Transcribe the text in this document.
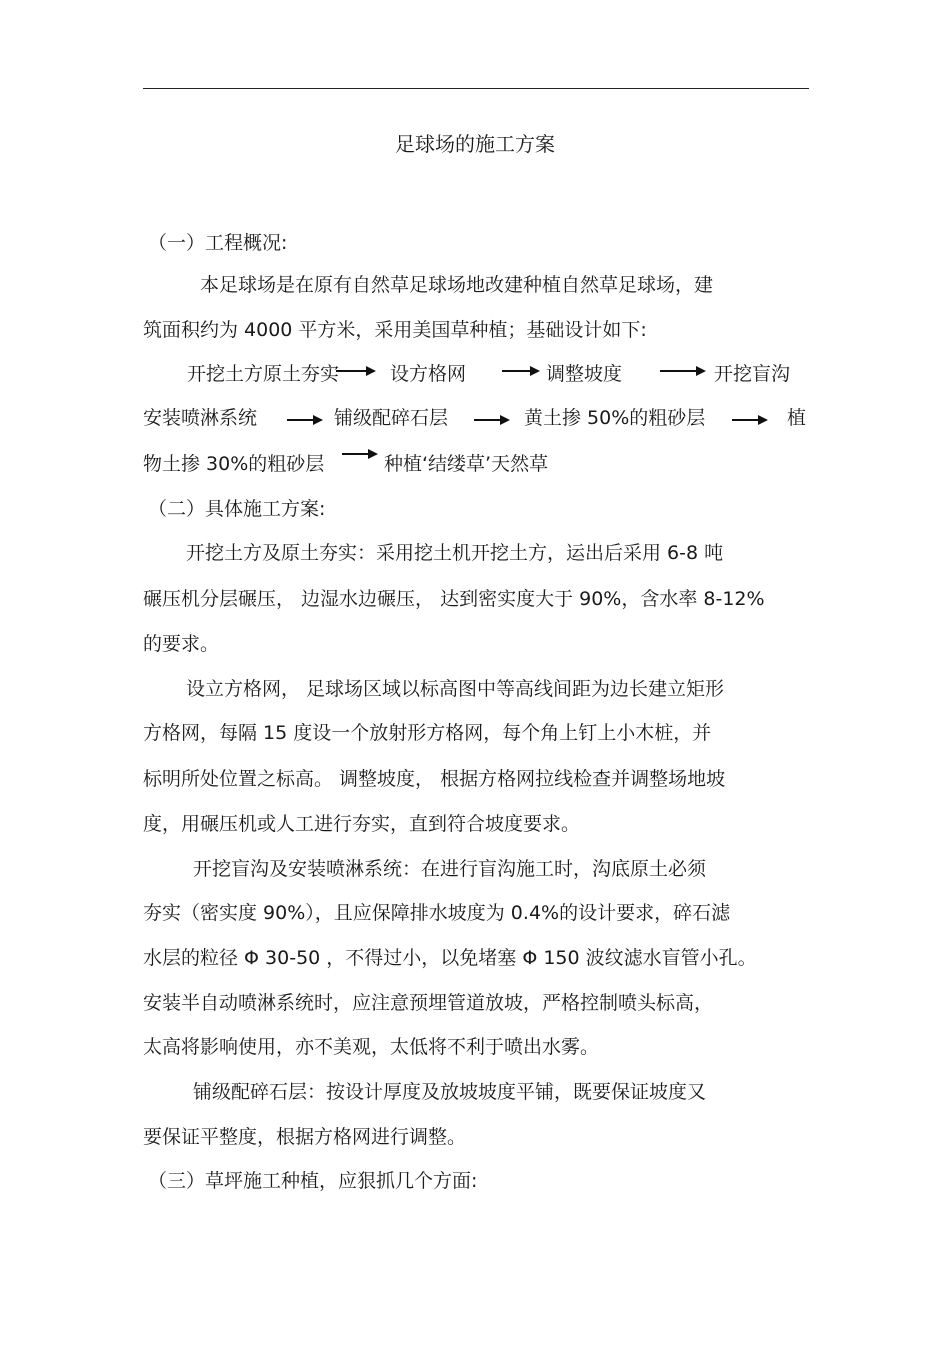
足球场的施工方案
（一）工程概况:
本足球场是在原有自然草足球场地改建种植自然草足球场，建
筑面积约为 4000 平方米，采用美国草种植；基础设计如下:
开挖土方原土夯实	设方格网	调整坡度	开挖盲沟
安装喷淋系统	铺级配碎石层	黄土掺 50%的粗砂层	植
物土掺 30%的粗砂层	种植‘结缕草’天然草
（二）具体施工方案:
开挖土方及原土夯实：采用挖土机开挖土方，运出后采用 6-8 吨
碾压机分层碾压， 边湿水边碾压， 达到密实度大于 90%，含水率 8-12%
的要求。
设立方格网， 足球场区域以标高图中等高线间距为边长建立矩形
方格网，每隔 15 度设一个放射形方格网，每个角上钉上小木桩，并
标明所处位置之标高。 调整坡度， 根据方格网拉线检查并调整场地坡
度，用碾压机或人工进行夯实，直到符合坡度要求。
开挖盲沟及安装喷淋系统：在进行盲沟施工时，沟底原土必须
夯实（密实度 90%），且应保障排水坡度为 0.4%的设计要求，碎石滤
水层的粒径 Φ 30-50 ，不得过小，以免堵塞 Φ 150 波纹滤水盲管小孔。
安装半自动喷淋系统时，应注意预埋管道放坡，严格控制喷头标高，
太高将影响使用，亦不美观，太低将不利于喷出水雾。
铺级配碎石层：按设计厚度及放坡坡度平铺，既要保证坡度又
要保证平整度，根据方格网进行调整。
（三）草坪施工种植，应狠抓几个方面:
